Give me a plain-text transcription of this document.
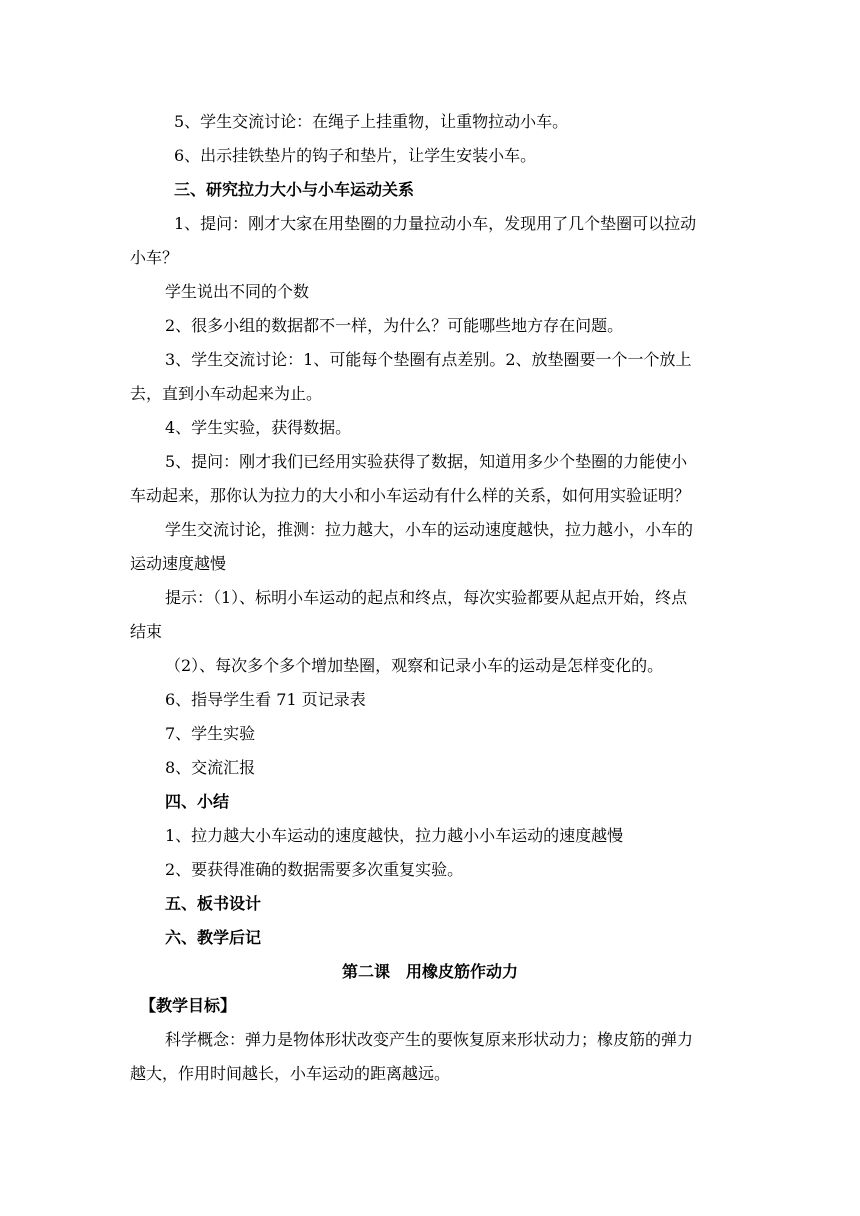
5、学生交流讨论：在绳子上挂重物，让重物拉动小车。

6、出示挂铁垫片的钩子和垫片，让学生安装小车。

三、研究拉力大小与小车运动关系

1、提问：刚才大家在用垫圈的力量拉动小车，发现用了几个垫圈可以拉动

小车？

学生说出不同的个数

2、很多小组的数据都不一样，为什么？可能哪些地方存在问题。

3、学生交流讨论：1、可能每个垫圈有点差别。2、放垫圈要一个一个放上

去，直到小车动起来为止。

4、学生实验，获得数据。

5、提问：刚才我们已经用实验获得了数据，知道用多少个垫圈的力能使小

车动起来，那你认为拉力的大小和小车运动有什么样的关系，如何用实验证明？

学生交流讨论，推测：拉力越大，小车的运动速度越快，拉力越小，小车的

运动速度越慢

提示：（1）、标明小车运动的起点和终点，每次实验都要从起点开始，终点

结束

（2）、每次多个多个增加垫圈，观察和记录小车的运动是怎样变化的。

6、指导学生看 71 页记录表

7、学生实验

8、交流汇报

四、小结

1、拉力越大小车运动的速度越快，拉力越小小车运动的速度越慢

2、要获得准确的数据需要多次重复实验。

五、板书设计

六、教学后记

第二课　用橡皮筋作动力

【教学目标】

科学概念：弹力是物体形状改变产生的要恢复原来形状动力；橡皮筋的弹力

越大，作用时间越长，小车运动的距离越远。
